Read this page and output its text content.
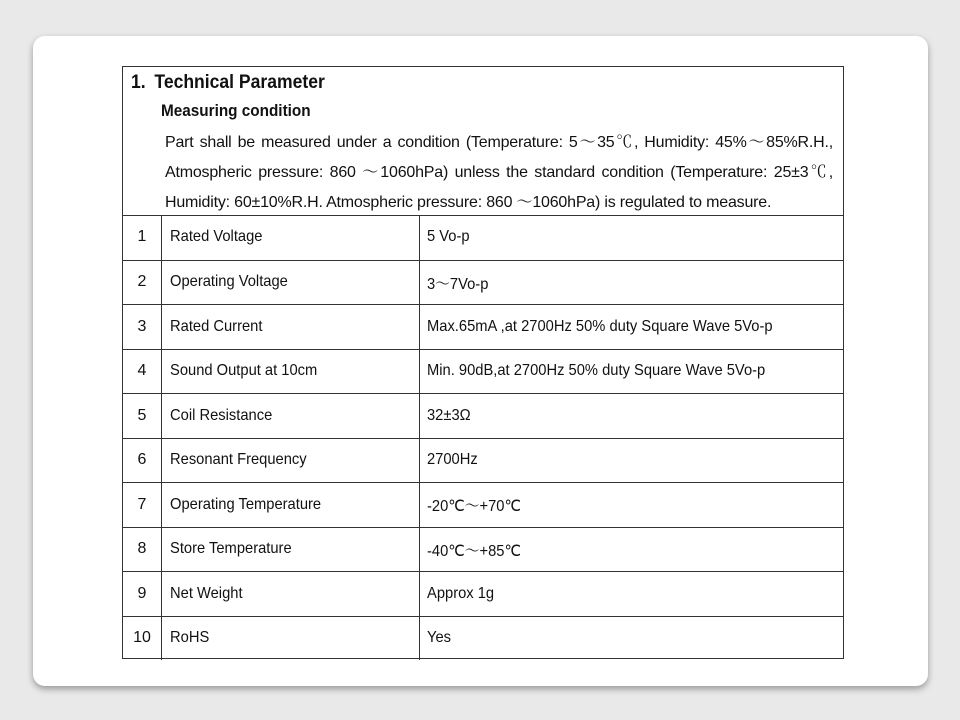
1. Technical Parameter
Measuring condition
Part shall be measured under a condition (Temperature: 5～35℃, Humidity: 45%～85%R.H., Atmospheric pressure: 860 ～1060hPa) unless the standard condition (Temperature: 25±3℃, Humidity: 60±10%R.H. Atmospheric pressure: 860 ～1060hPa) is regulated to measure.
1	Rated Voltage	5 Vo-p
2	Operating Voltage	3～7Vo-p
3	Rated Current	Max.65mA ,at 2700Hz 50% duty Square Wave 5Vo-p
4	Sound Output at 10cm	Min. 90dB,at 2700Hz 50% duty Square Wave 5Vo-p
5	Coil Resistance	32±3Ω
6	Resonant Frequency	2700Hz
7	Operating Temperature	-20℃～+70℃
8	Store Temperature	-40℃～+85℃
9	Net Weight	Approx 1g
10	RoHS	Yes
